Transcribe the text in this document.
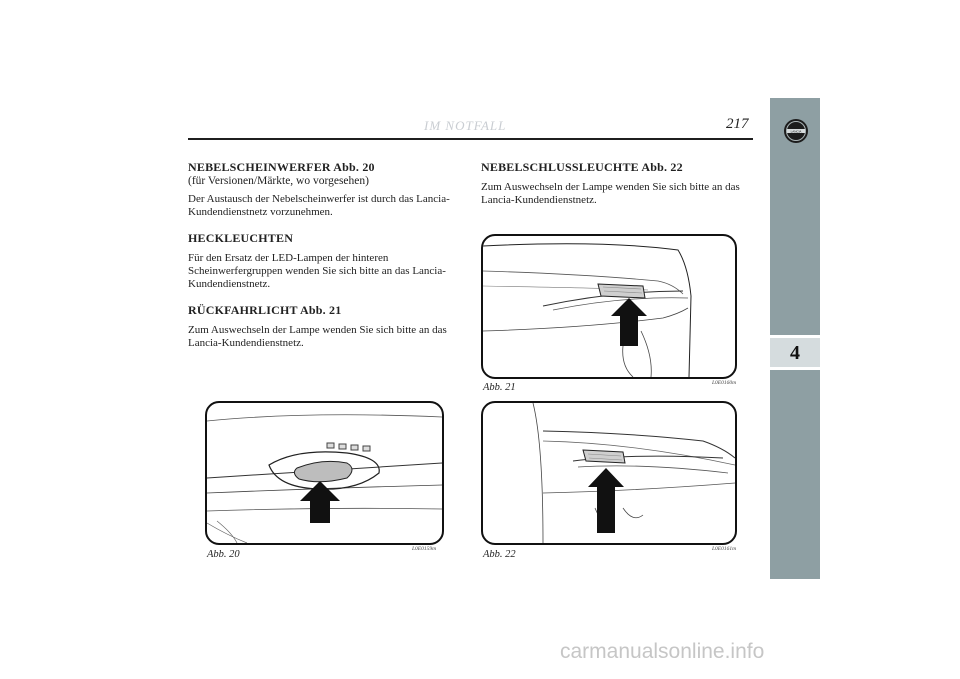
IM NOTFALL	217
4
LANCIA
NEBELSCHEINWERFER Abb. 20

(für Versionen/Märkte, wo vorgesehen)

Der Austausch der Nebelscheinwerfer ist durch das Lancia-Kundendienstnetz vorzunehmen.

HECKLEUCHTEN

Für den Ersatz der LED-Lampen der hinteren Scheinwerfergruppen wenden Sie sich bitte an das Lancia-Kundendienstnetz.

RÜCKFAHRLICHT Abb. 21

Zum Auswechseln der Lampe wenden Sie sich bitte an das Lancia-Kundendienstnetz.

NEBELSCHLUSSLEUCHTE Abb. 22

Zum Auswechseln der Lampe wenden Sie sich bitte an das Lancia-Kundendienstnetz.

Abb. 21	L0E0160m
Abb. 20	L0E0159m	Abb. 22	L0E0161m
carmanualsonline.info
